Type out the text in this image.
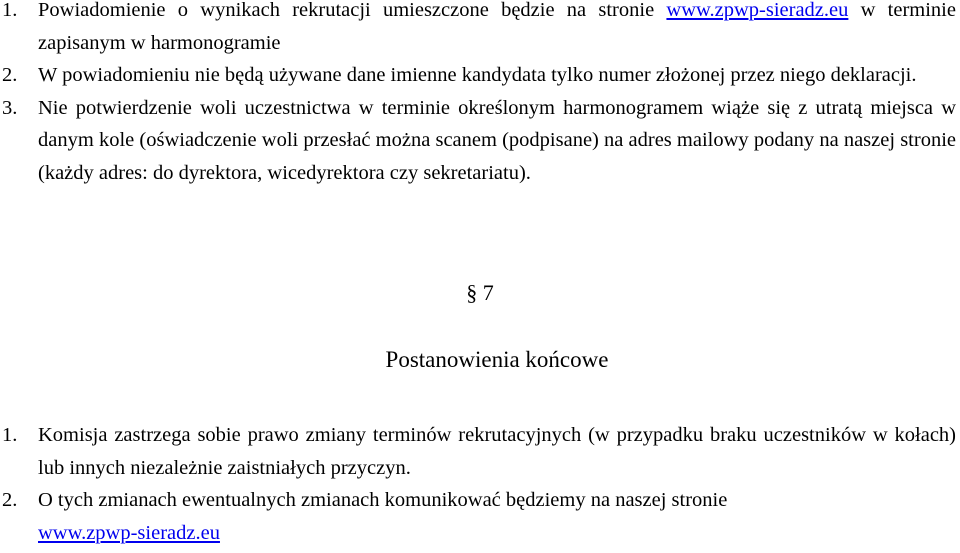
1. Powiadomienie o wynikach rekrutacji umieszczone będzie na stronie www.zpwp-sieradz.eu w terminie zapisanym w harmonogramie
2. W powiadomieniu nie będą używane dane imienne kandydata tylko numer złożonej przez niego deklaracji.
3. Nie potwierdzenie woli uczestnictwa w terminie określonym harmonogramem wiąże się z utratą miejsca w danym kole (oświadczenie woli przesłać można scanem (podpisane) na adres mailowy podany na naszej stronie (każdy adres: do dyrektora, wicedyrektora czy sekretariatu).
§ 7
Postanowienia końcowe
1. Komisja zastrzega sobie prawo zmiany terminów rekrutacyjnych (w przypadku braku uczestników w kołach) lub innych niezależnie zaistniałych przyczyn.
2. O tych zmianach ewentualnych zmianach komunikować będziemy na naszej stronie
www.zpwp-sieradz.eu
